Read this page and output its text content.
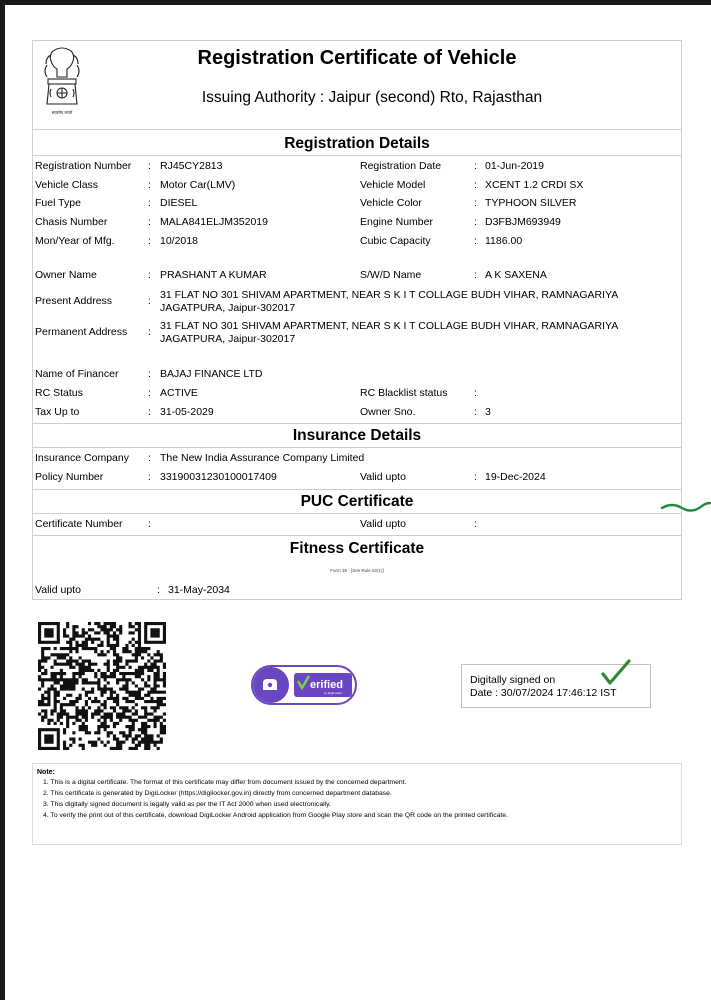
सत्यमेव जयते
Registration Certificate of Vehicle
Issuing Authority : Jaipur (second) Rto, Rajasthan
Registration Details
Registration Number : RJ45CY2813	Registration Date	: 01-Jun-2019
Vehicle Class	: Motor Car(LMV)	Vehicle Model	: XCENT 1.2 CRDI SX
Fuel Type	: DIESEL	Vehicle Color	: TYPHOON SILVER
Chasis Number	: MALA841ELJM352019	Engine Number	: D3FBJM693949
Mon/Year of Mfg.	: 10/2018	Cubic Capacity	: 1186.00
Owner Name	: PRASHANT A KUMAR	S/W/D Name	: A K SAXENA
Present Address	: 31 FLAT NO 301 SHIVAM APARTMENT, NEAR S K I T COLLAGE BUDH VIHAR, RAMNAGARIYA
JAGATPURA, Jaipur-302017
Permanent Address : 31 FLAT NO 301 SHIVAM APARTMENT, NEAR S K I T COLLAGE BUDH VIHAR, RAMNAGARIYA
JAGATPURA, Jaipur-302017
Name of Financer	: BAJAJ FINANCE LTD
RC Status	: ACTIVE	RC Blacklist status	:
Tax Up to	: 31-05-2029	Owner Sno.	: 3
Insurance Details
Insurance Company : The New India Assurance Company Limited
Policy Number	: 33190031230100017409	Valid upto	: 19-Dec-2024
PUC Certificate
Certificate Number :	Valid upto	:
Fitness Certificate
Form 38 - [See Rule 62(1)]
Valid upto	: 31-May-2034
erified
by DigiLocker
Digitally signed on
Date : 30/07/2024 17:46:12 IST
Note:
1. This is a digital certificate. The format of this certificate may differ from document issued by the concerned department.
2. This certificate is generated by DigiLocker (https://digilocker.gov.in) directly from concerned department database.
3. This digitally signed document is legally valid as per the IT Act 2000 when used electronically.
4. To verify the print out of this certificate, download DigiLocker Android application from Google Play store and scan the QR code on the printed certificate.
